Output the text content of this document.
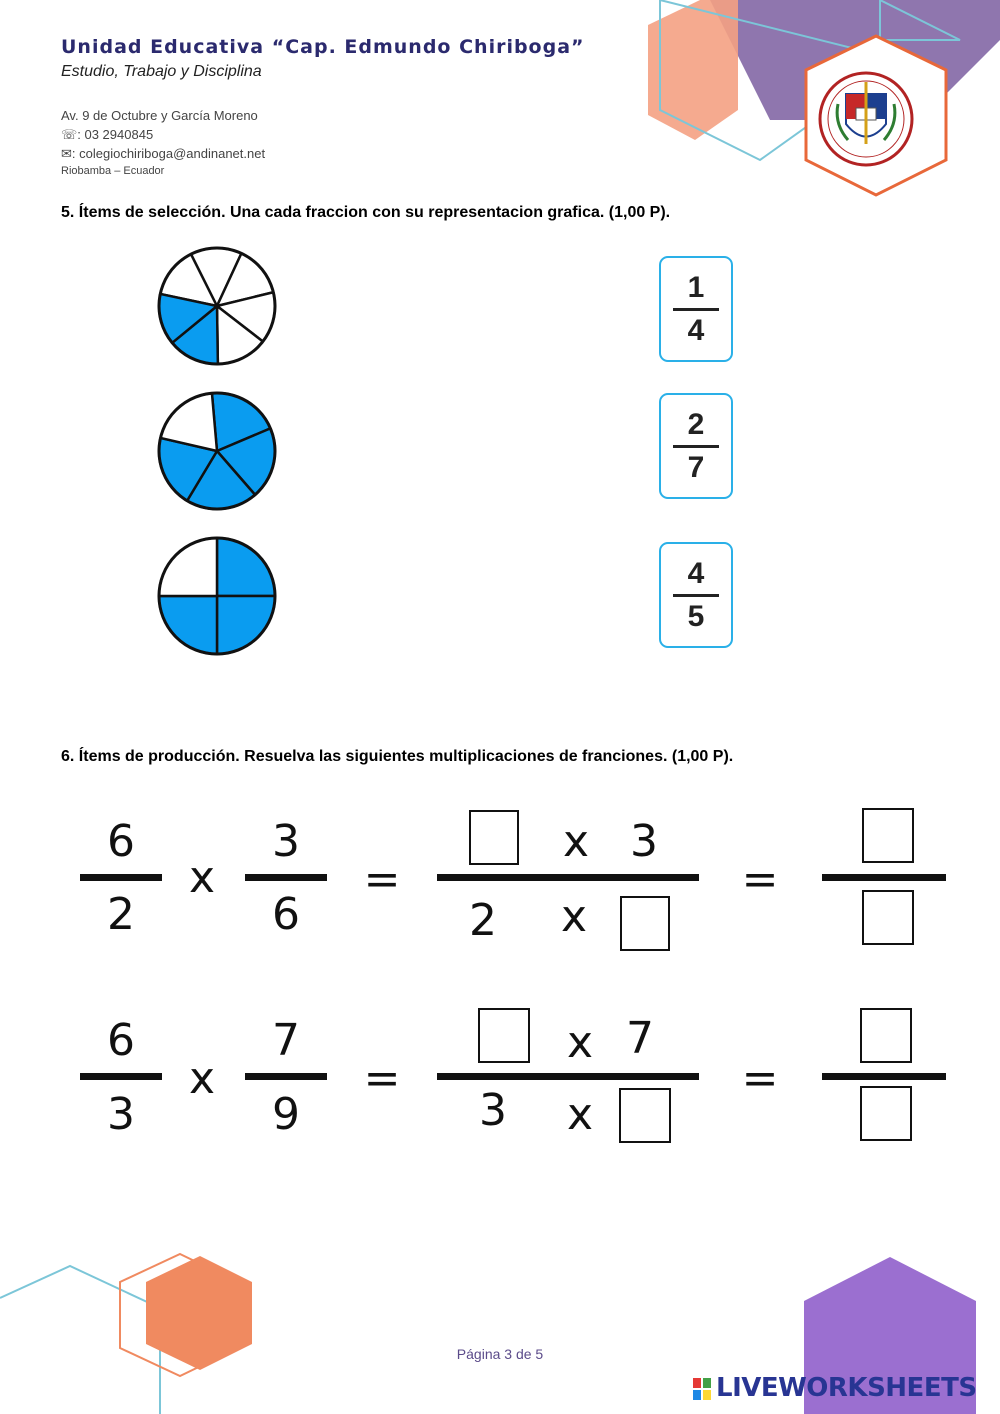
Unidad Educativa “Cap. Edmundo Chiriboga”
Estudio, Trabajo y Disciplina
Av. 9 de Octubre y García Moreno
☏: 03 2940845
✉: colegiochiriboga@andinanet.net
Riobamba – Ecuador
5. Ítems de selección. Una cada fraccion con su representacion grafica. (1,00 P).
1
4
2
7
4
5
6. Ítems de producción. Resuelva las siguientes multiplicaciones de franciones. (1,00 P).
6
2
x
3
6
=
x 3
2	x
=
6
3
x
7
9
=
x 7
3	x
=
Página 3 de 5
LIVEWORKSHEETS
